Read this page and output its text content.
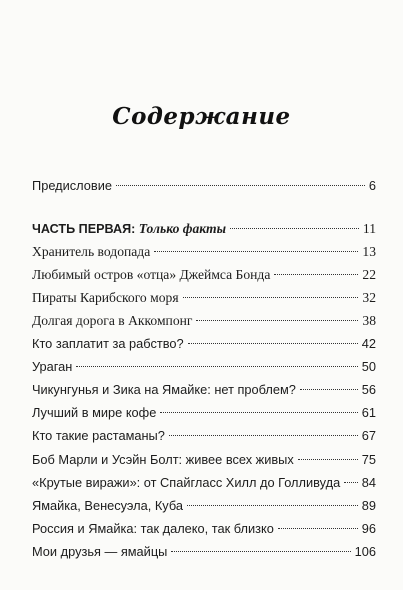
Содержание
Предисловие	6
ЧАСТЬ ПЕРВАЯ: Только факты	11
Хранитель водопада	13
Любимый остров «отца» Джеймса Бонда	22
Пираты Карибского моря	32
Долгая дорога в Аккомпонг	38
Кто заплатит за рабство?	42
Ураган	50
Чикунгунья и Зика на Ямайке: нет проблем?	56
Лучший в мире кофе	61
Кто такие растаманы?	67
Боб Марли и Усэйн Болт: живее всех живых	75
«Крутые виражи»: от Спайгласс Хилл до Голливуда 84
Ямайка, Венесуэла, Куба	89
Россия и Ямайка: так далеко, так близко	96
Мои друзья — ямайцы	106
